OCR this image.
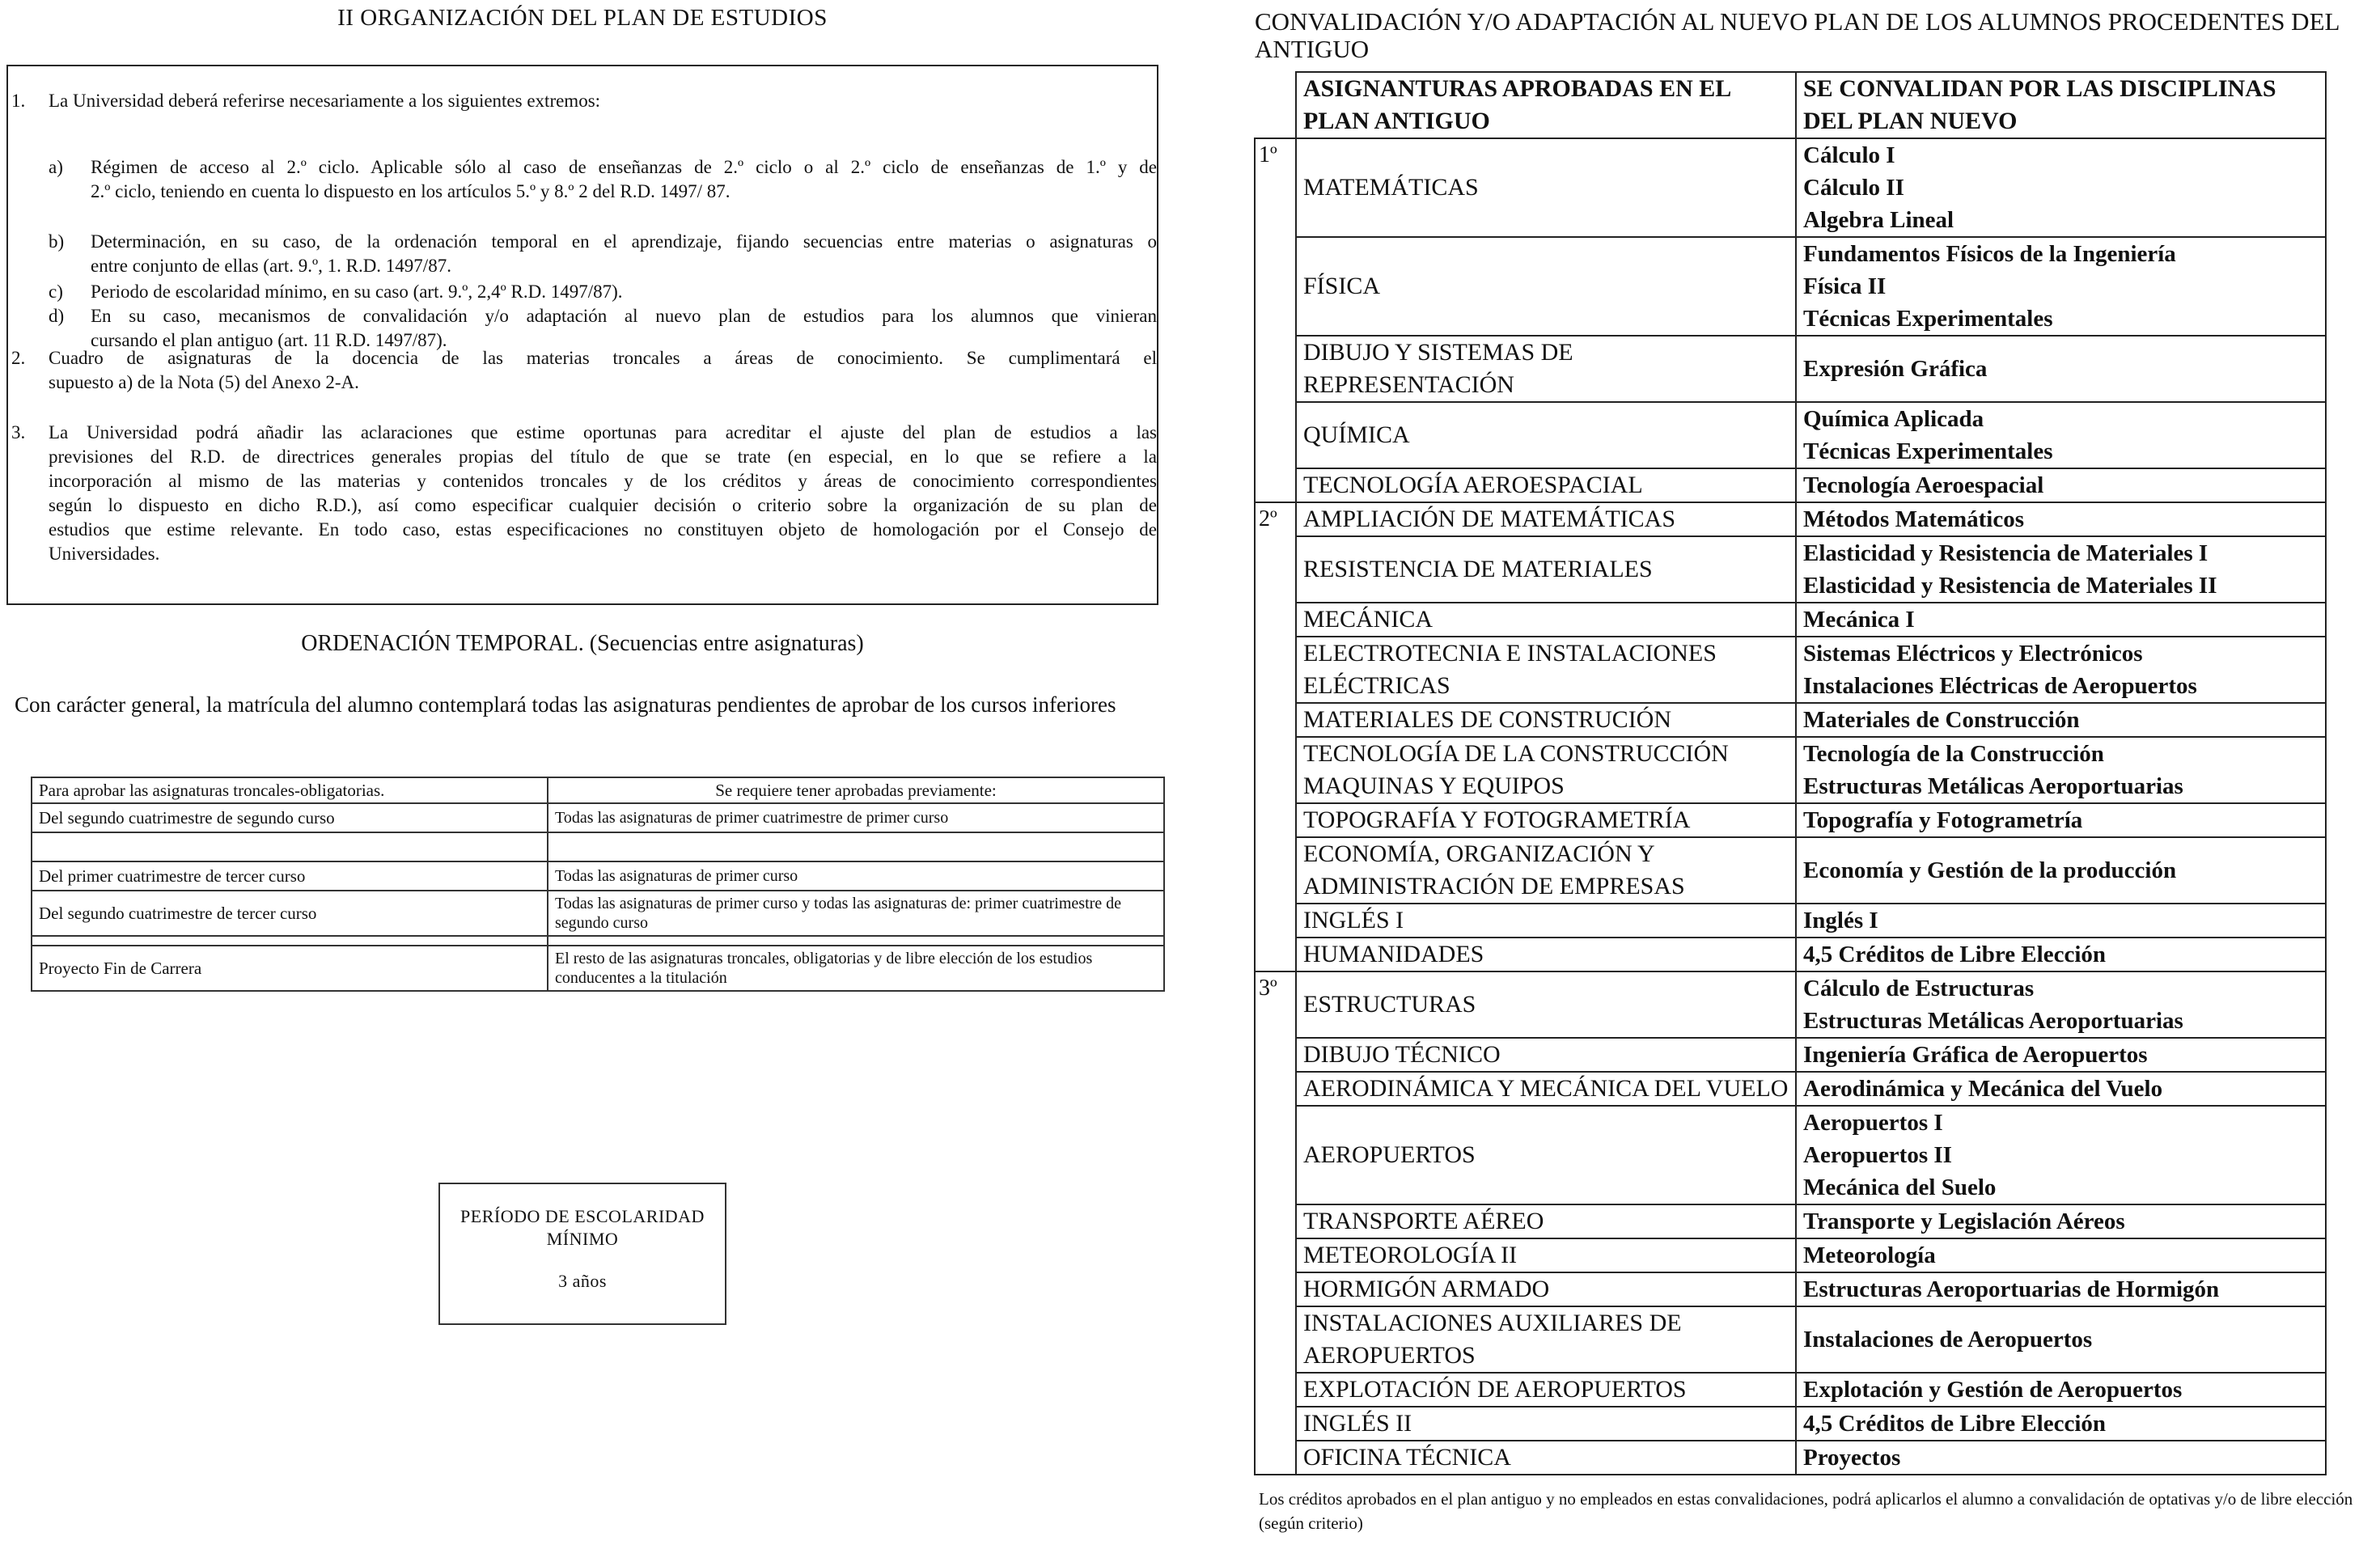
II ORGANIZACIÓN DEL PLAN DE ESTUDIOS
1. La Universidad deberá referirse necesariamente a los siguientes extremos:
a) Régimen de acceso al 2.º ciclo. Aplicable sólo al caso de enseñanzas de 2.º ciclo o al 2.º ciclo de enseñanzas de 1.º y de
2.º ciclo, teniendo en cuenta lo dispuesto en los artículos 5.º y 8.º 2 del R.D. 1497/ 87.
b) Determinación, en su caso, de la ordenación temporal en el aprendizaje, fijando secuencias entre materias o asignaturas o
entre conjunto de ellas (art. 9.º, 1. R.D. 1497/87.
c) Periodo de escolaridad mínimo, en su caso (art. 9.º, 2,4º R.D. 1497/87).
d) En su caso, mecanismos de convalidación y/o adaptación al nuevo plan de estudios para los alumnos que vinieran
cursando el plan antiguo (art. 11 R.D. 1497/87).
2. Cuadro de asignaturas de la docencia de las materias troncales a áreas de conocimiento. Se cumplimentará el
supuesto a) de la Nota (5) del Anexo 2-A.
3. La Universidad podrá añadir las aclaraciones que estime oportunas para acreditar el ajuste del plan de estudios a las
previsiones del R.D. de directrices generales propias del título de que se trate (en especial, en lo que se refiere a la
incorporación al mismo de las materias y contenidos troncales y de los créditos y áreas de conocimiento correspondientes
según lo dispuesto en dicho R.D.), así como especificar cualquier decisión o criterio sobre la organización de su plan de
estudios que estime relevante. En todo caso, estas especificaciones no constituyen objeto de homologación por el Consejo de
Universidades.
ORDENACIÓN TEMPORAL. (Secuencias entre asignaturas)
Con carácter general, la matrícula del alumno contemplará todas las asignaturas pendientes de aprobar de los cursos inferiores
Para aprobar las asignaturas troncales-obligatorias.	Se requiere tener aprobadas previamente:
Del segundo cuatrimestre de segundo curso	Todas las asignaturas de primer cuatrimestre de primer curso

Del primer cuatrimestre de tercer curso	Todas las asignaturas de primer curso
Del segundo cuatrimestre de tercer curso	Todas las asignaturas de primer curso y todas las asignaturas de: primer cuatrimestre de segundo curso

Proyecto Fin de Carrera	El resto de las asignaturas troncales, obligatorias y de libre elección de los estudios conducentes a la titulación
PERÍODO DE ESCOLARIDAD
MÍNIMO
3 años
CONVALIDACIÓN Y/O ADAPTACIÓN AL NUEVO PLAN DE LOS ALUMNOS PROCEDENTES DEL ANTIGUO
	ASIGNANTURAS APROBADAS EN EL PLAN ANTIGUO	SE CONVALIDAN POR LAS DISCIPLINAS DEL PLAN NUEVO
1º	MATEMÁTICAS	Cálculo I
Cálculo II
Algebra Lineal

	FÍSICA	Fundamentos Físicos de la Ingeniería
Física II
Técnicas Experimentales

	DIBUJO Y SISTEMAS DE REPRESENTACIÓN	Expresión Gráfica

	QUÍMICA	Química Aplicada
Técnicas Experimentales

	TECNOLOGÍA AEROESPACIAL	Tecnología Aeroespacial

2º	AMPLIACIÓN DE MATEMÁTICAS	Métodos Matemáticos

	RESISTENCIA DE MATERIALES	Elasticidad y Resistencia de Materiales I
Elasticidad y Resistencia de Materiales II

	MECÁNICA	Mecánica I

	ELECTROTECNIA E INSTALACIONES ELÉCTRICAS	Sistemas Eléctricos y Electrónicos
Instalaciones Eléctricas de Aeropuertos

	MATERIALES DE CONSTRUCIÓN	Materiales de Construcción

	TECNOLOGÍA DE LA CONSTRUCCIÓN MAQUINAS Y EQUIPOS	Tecnología de la Construcción
Estructuras Metálicas Aeroportuarias

	TOPOGRAFÍA Y FOTOGRAMETRÍA	Topografía y Fotogrametría

	ECONOMÍA, ORGANIZACIÓN Y ADMINISTRACIÓN DE EMPRESAS	Economía y Gestión de la producción

	INGLÉS I	Inglés I

	HUMANIDADES	4,5 Créditos de Libre Elección

3º	ESTRUCTURAS	Cálculo de Estructuras
Estructuras Metálicas Aeroportuarias

	DIBUJO TÉCNICO	Ingeniería Gráfica de Aeropuertos

	AERODINÁMICA Y MECÁNICA DEL VUELO	Aerodinámica y Mecánica del Vuelo

	AEROPUERTOS	Aeropuertos I
Aeropuertos II
Mecánica del Suelo

	TRANSPORTE AÉREO	Transporte y Legislación Aéreos

	METEOROLOGÍA II	Meteorología

	HORMIGÓN ARMADO	Estructuras Aeroportuarias de Hormigón

	INSTALACIONES AUXILIARES DE AEROPUERTOS	Instalaciones de Aeropuertos

	EXPLOTACIÓN DE AEROPUERTOS	Explotación y Gestión de Aeropuertos

	INGLÉS II	4,5 Créditos de Libre Elección

	OFICINA TÉCNICA	Proyectos
Los créditos aprobados en el plan antiguo y no empleados en estas convalidaciones, podrá aplicarlos el alumno a convalidación de optativas y/o de libre elección (según criterio)
